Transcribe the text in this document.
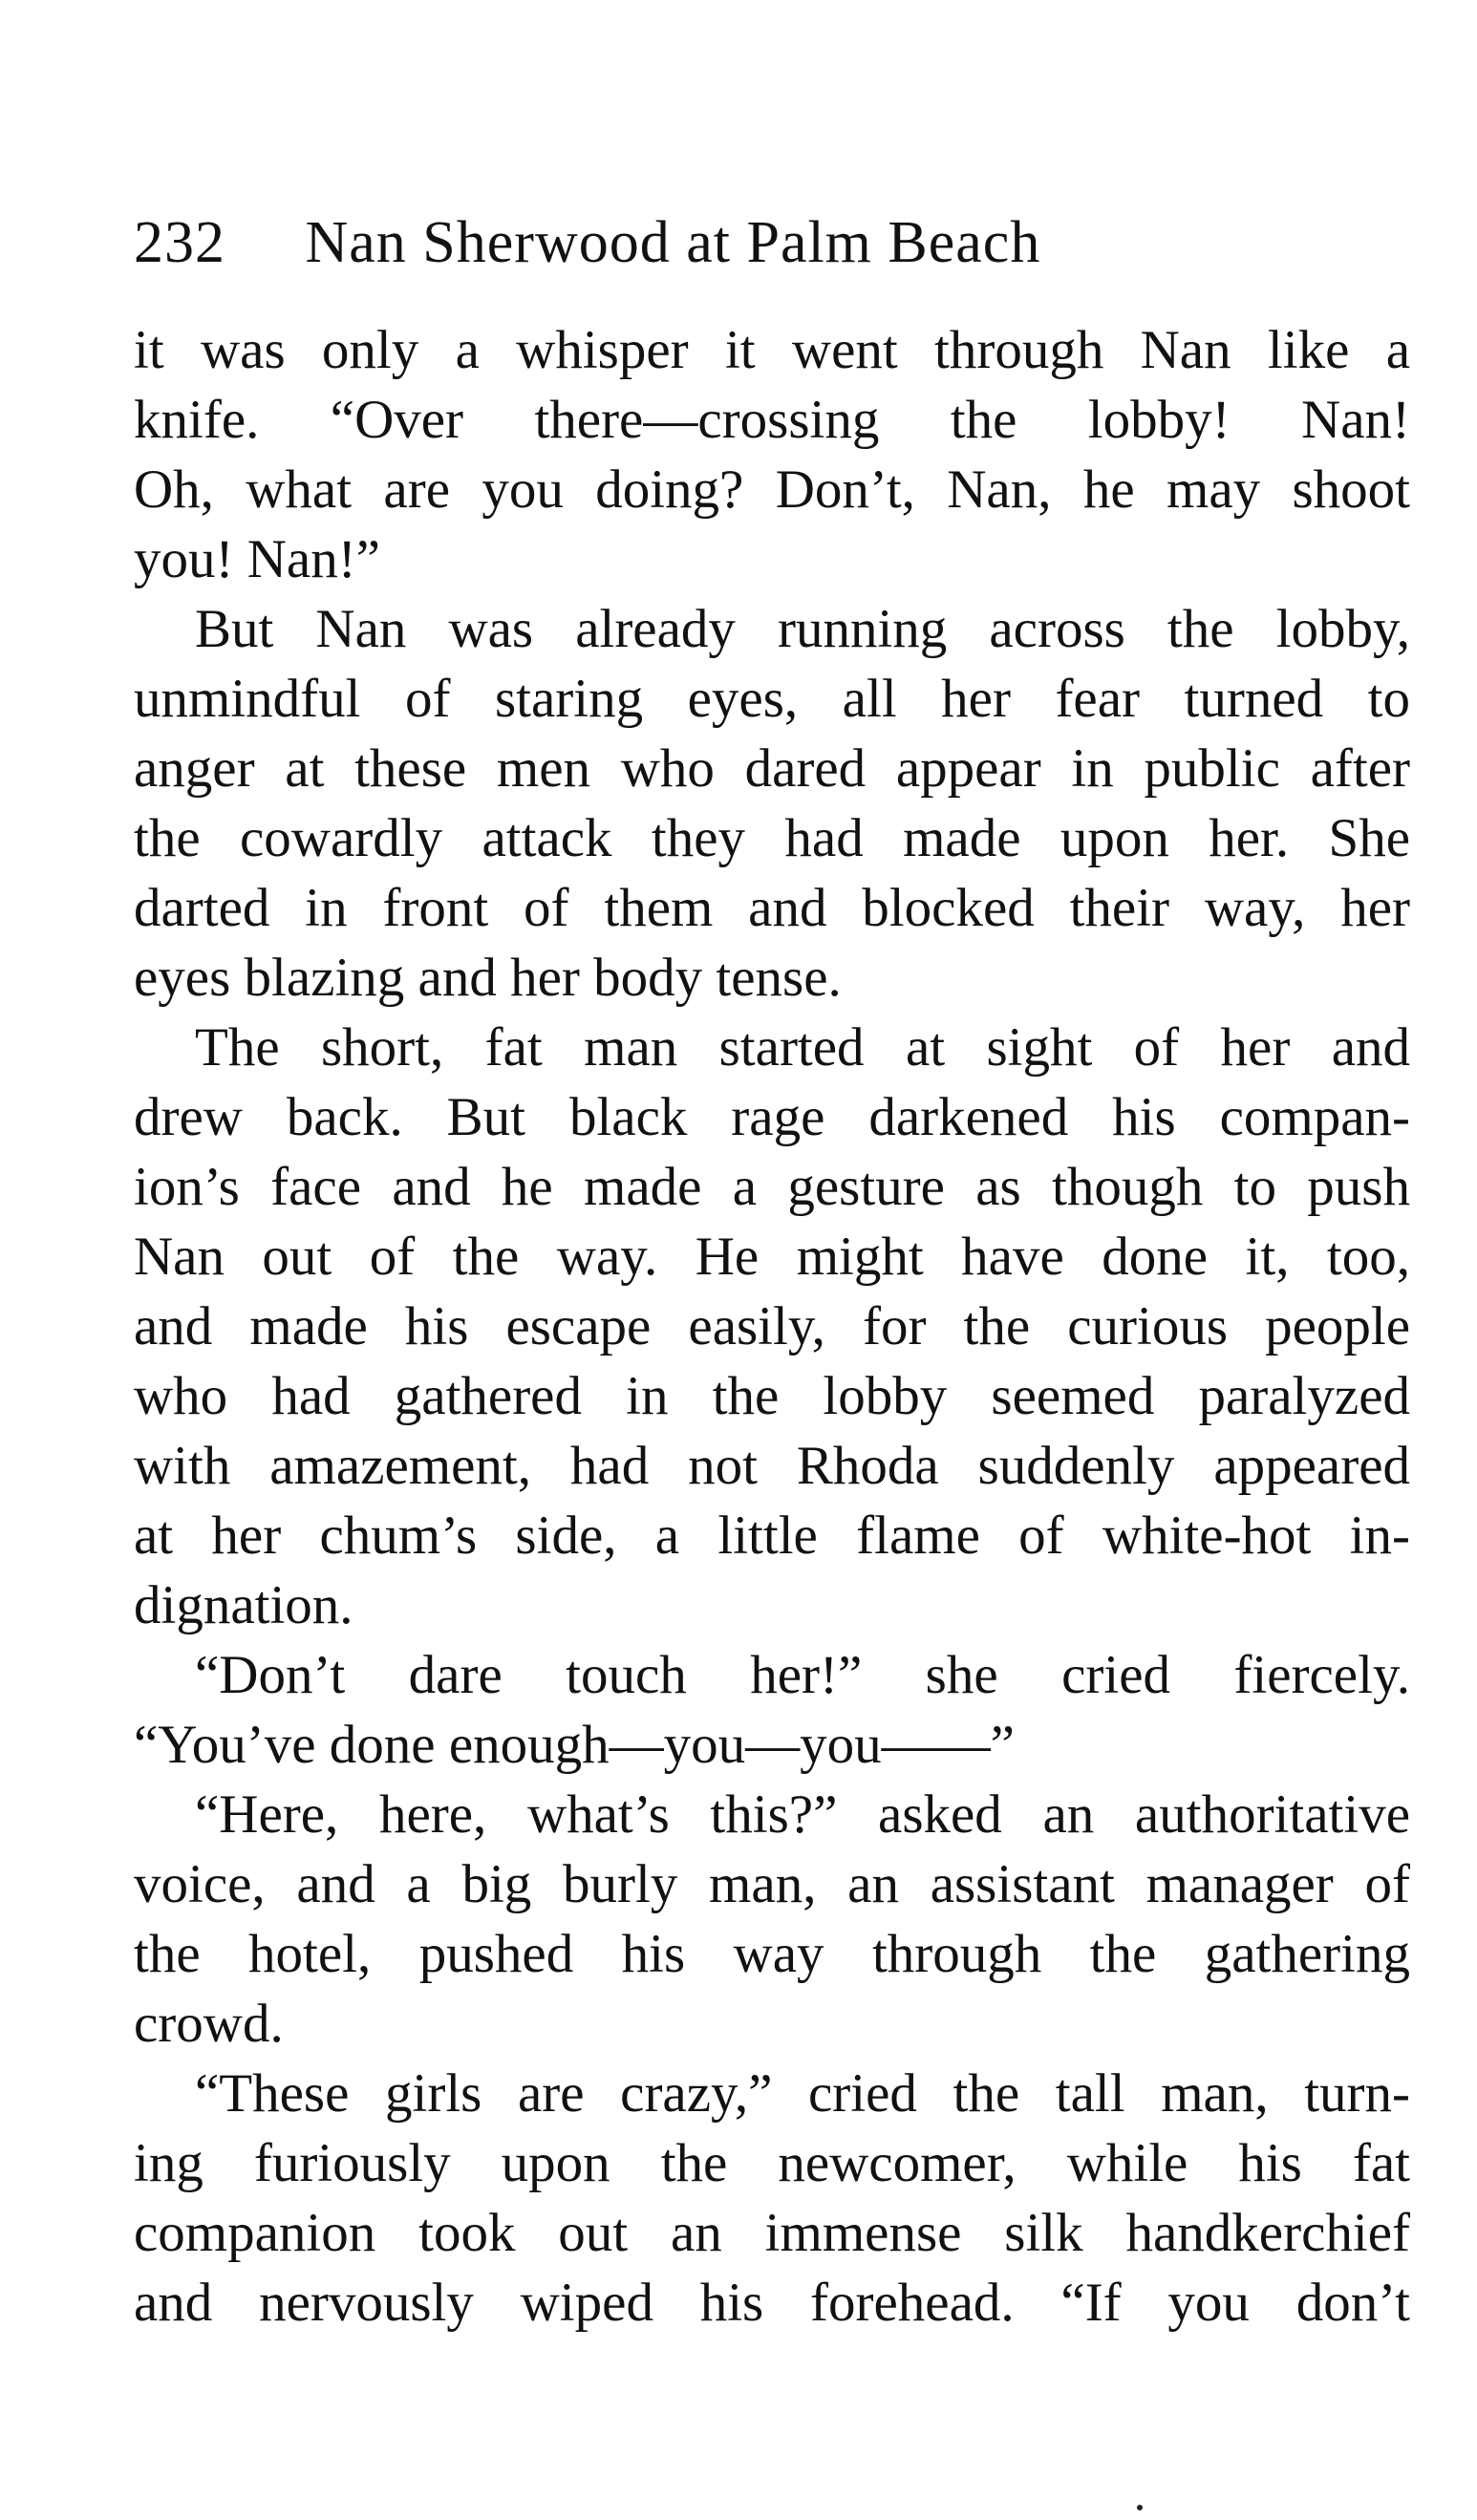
232 Nan Sherwood at Palm Beach
it was only a whisper it went through Nan like a
knife. “Over there—crossing the lobby! Nan!
Oh, what are you doing? Don’t, Nan, he may shoot
you! Nan!”
But Nan was already running across the lobby,
unmindful of staring eyes, all her fear turned to
anger at these men who dared appear in public after
the cowardly attack they had made upon her. She
darted in front of them and blocked their way, her
eyes blazing and her body tense.
The short, fat man started at sight of her and
drew back. But black rage darkened his compan-
ion’s face and he made a gesture as though to push
Nan out of the way. He might have done it, too,
and made his escape easily, for the curious people
who had gathered in the lobby seemed paralyzed
with amazement, had not Rhoda suddenly appeared
at her chum’s side, a little flame of white-hot in-
dignation.
“Don’t dare touch her!” she cried fiercely.
“You’ve done enough—you—you——”
“Here, here, what’s this?” asked an authoritative
voice, and a big burly man, an assistant manager of
the hotel, pushed his way through the gathering
crowd.
“These girls are crazy,” cried the tall man, turn-
ing furiously upon the newcomer, while his fat
companion took out an immense silk handkerchief
and nervously wiped his forehead. “If you don’t
